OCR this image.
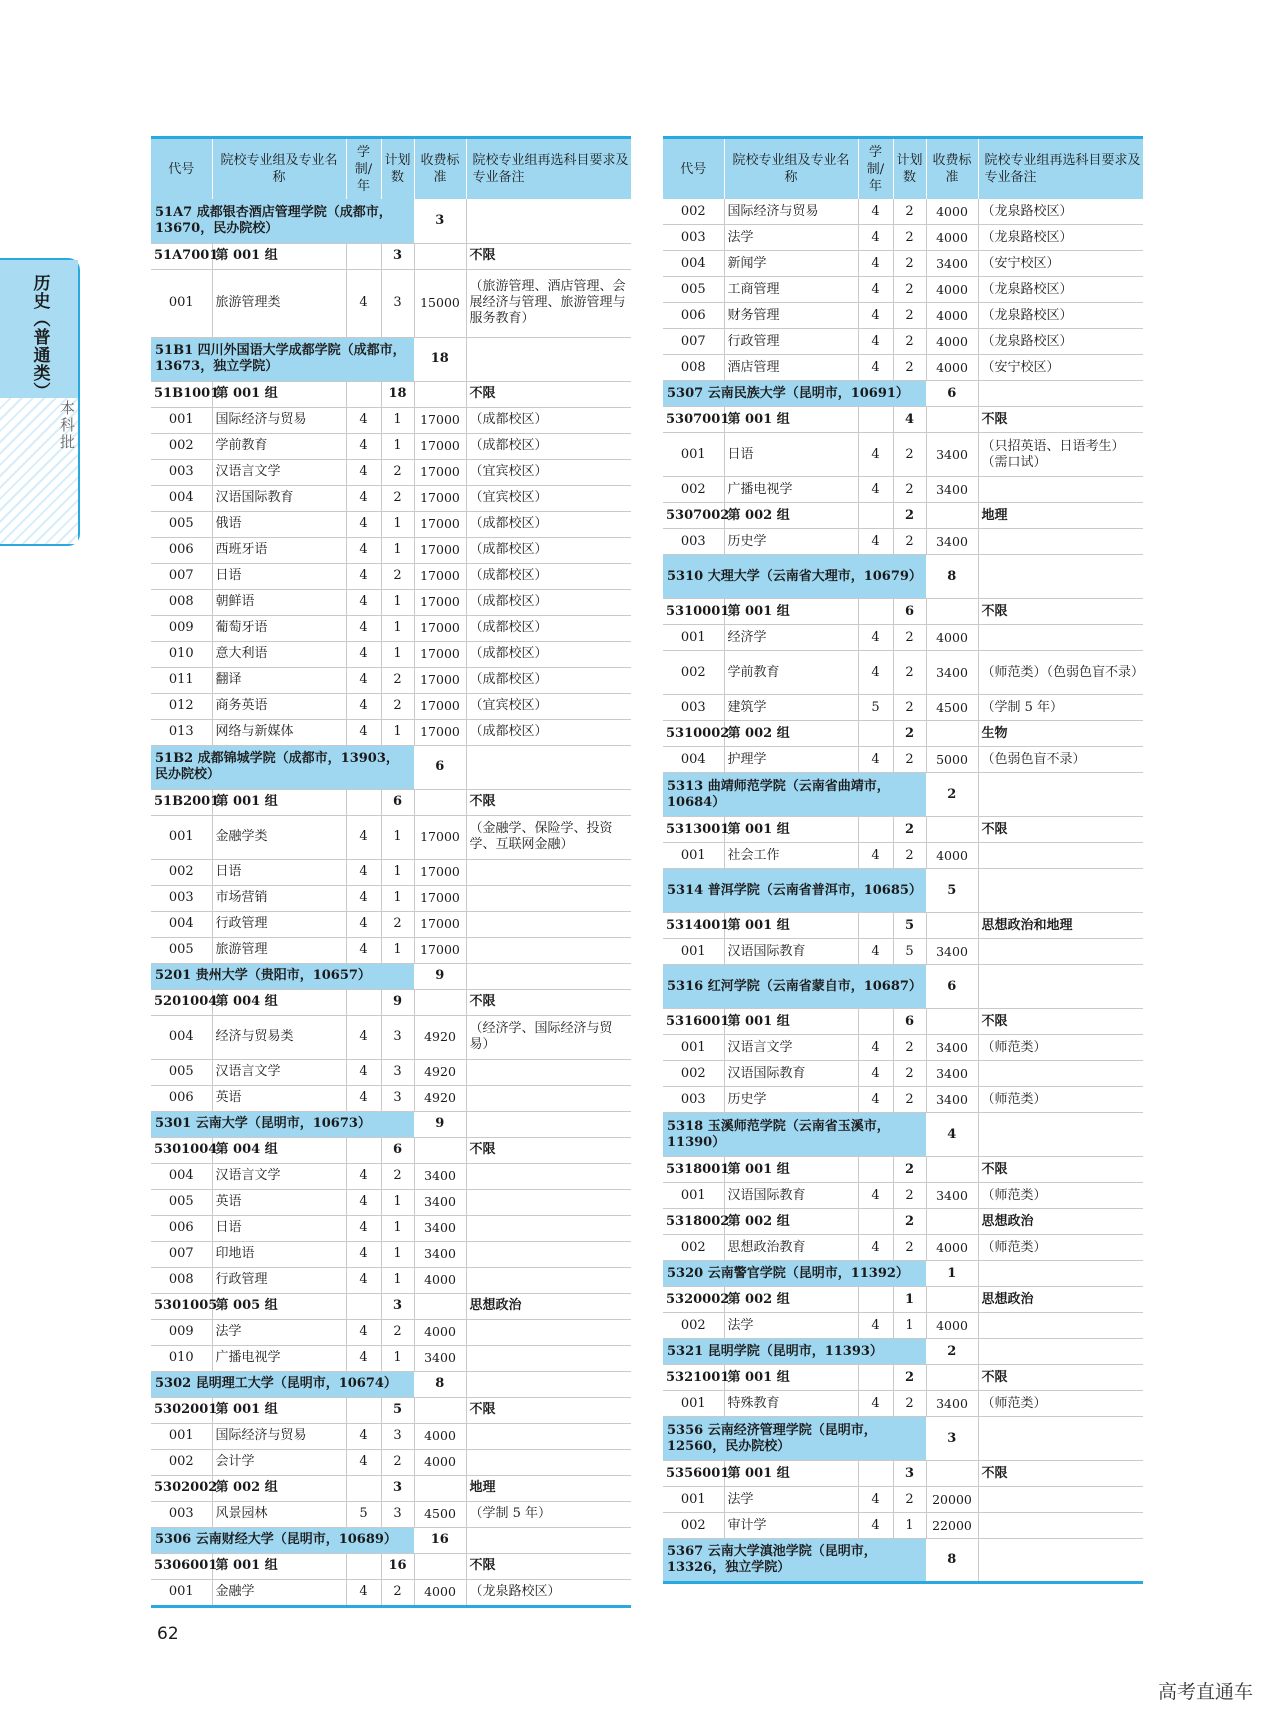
历史（普通类）
本科批
代号	院校专业组及专业名称	学制/年	计划数	收费标准	院校专业组再选科目要求及专业备注
51A7 成都银杏酒店管理学院（成都市，13670，民办院校）				3	
51A7001	第 001 组		3		不限
001	旅游管理类	4	3	15000	（旅游管理、酒店管理、会展经济与管理、旅游管理与服务教育）
51B1 四川外国语大学成都学院（成都市，13673，独立学院）				18	
51B1001	第 001 组		18		不限
001	国际经济与贸易	4	1	17000	（成都校区）
002	学前教育	4	1	17000	（成都校区）
003	汉语言文学	4	2	17000	（宜宾校区）
004	汉语国际教育	4	2	17000	（宜宾校区）
005	俄语	4	1	17000	（成都校区）
006	西班牙语	4	1	17000	（成都校区）
007	日语	4	2	17000	（成都校区）
008	朝鲜语	4	1	17000	（成都校区）
009	葡萄牙语	4	1	17000	（成都校区）
010	意大利语	4	1	17000	（成都校区）
011	翻译	4	2	17000	（成都校区）
012	商务英语	4	2	17000	（宜宾校区）
013	网络与新媒体	4	1	17000	（成都校区）
51B2 成都锦城学院（成都市，13903，民办院校）				6	
51B2001	第 001 组		6		不限
001	金融学类	4	1	17000	（金融学、保险学、投资学、互联网金融）
002	日语	4	1	17000	
003	市场营销	4	1	17000	
004	行政管理	4	2	17000	
005	旅游管理	4	1	17000	
5201 贵州大学（贵阳市，10657）				9	
5201004	第 004 组		9		不限
004	经济与贸易类	4	3	4920	（经济学、国际经济与贸易）
005	汉语言文学	4	3	4920	
006	英语	4	3	4920	
5301 云南大学（昆明市，10673）				9	
5301004	第 004 组		6		不限
004	汉语言文学	4	2	3400	
005	英语	4	1	3400	
006	日语	4	1	3400	
007	印地语	4	1	3400	
008	行政管理	4	1	4000	
5301005	第 005 组		3		思想政治
009	法学	4	2	4000	
010	广播电视学	4	1	3400	
5302 昆明理工大学（昆明市，10674）				8	
5302001	第 001 组		5		不限
001	国际经济与贸易	4	3	4000	
002	会计学	4	2	4000	
5302002	第 002 组		3		地理
003	风景园林	5	3	4500	（学制 5 年）
5306 云南财经大学（昆明市，10689）				16	
5306001	第 001 组		16		不限
001	金融学	4	2	4000	（龙泉路校区）
代号	院校专业组及专业名称	学制/年	计划数	收费标准	院校专业组再选科目要求及专业备注
002	国际经济与贸易	4	2	4000	（龙泉路校区）
003	法学	4	2	4000	（龙泉路校区）
004	新闻学	4	2	3400	（安宁校区）
005	工商管理	4	2	4000	（龙泉路校区）
006	财务管理	4	2	4000	（龙泉路校区）
007	行政管理	4	2	4000	（龙泉路校区）
008	酒店管理	4	2	4000	（安宁校区）
5307 云南民族大学（昆明市，10691）				6	
5307001	第 001 组		4		不限
001	日语	4	2	3400	（只招英语、日语考生）（需口试）
002	广播电视学	4	2	3400	
5307002	第 002 组		2		地理
003	历史学	4	2	3400	
5310 大理大学（云南省大理市，10679）				8	
5310001	第 001 组		6		不限
001	经济学	4	2	4000	
002	学前教育	4	2	3400	（师范类）（色弱色盲不录）
003	建筑学	5	2	4500	（学制 5 年）
5310002	第 002 组		2		生物
004	护理学	4	2	5000	（色弱色盲不录）
5313 曲靖师范学院（云南省曲靖市，10684）				2	
5313001	第 001 组		2		不限
001	社会工作	4	2	4000	
5314 普洱学院（云南省普洱市，10685）				5	
5314001	第 001 组		5		思想政治和地理
001	汉语国际教育	4	5	3400	
5316 红河学院（云南省蒙自市，10687）				6	
5316001	第 001 组		6		不限
001	汉语言文学	4	2	3400	（师范类）
002	汉语国际教育	4	2	3400	
003	历史学	4	2	3400	（师范类）
5318 玉溪师范学院（云南省玉溪市，11390）				4	
5318001	第 001 组		2		不限
001	汉语国际教育	4	2	3400	（师范类）
5318002	第 002 组		2		思想政治
002	思想政治教育	4	2	4000	（师范类）
5320 云南警官学院（昆明市，11392）				1	
5320002	第 002 组		1		思想政治
002	法学	4	1	4000	
5321 昆明学院（昆明市，11393）				2	
5321001	第 001 组		2		不限
001	特殊教育	4	2	3400	（师范类）
5356 云南经济管理学院（昆明市，12560，民办院校）				3	
5356001	第 001 组		3		不限
001	法学	4	2	20000	
002	审计学	4	1	22000	
5367 云南大学滇池学院（昆明市，13326，独立学院）				8	
62
高考直通车
